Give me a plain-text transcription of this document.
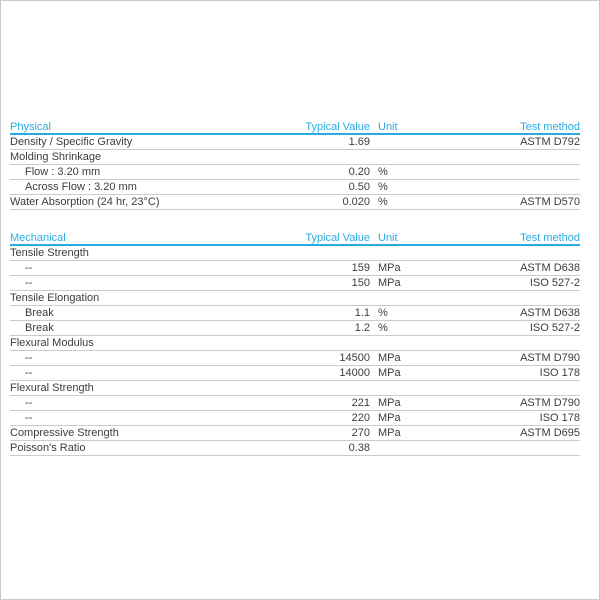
Physical	Typical Value Unit	Test method
Density / Specific Gravity	1.69	ASTM D792
Molding Shrinkage
Flow : 3.20 mm	0.20 %
Across Flow : 3.20 mm	0.50 %
Water Absorption (24 hr, 23°C)	0.020 %	ASTM D570
Mechanical	Typical Value Unit	Test method
Tensile Strength
--	159 MPa	ASTM D638
--	150 MPa	ISO 527-2
Tensile Elongation
Break	1.1 %	ASTM D638
Break	1.2 %	ISO 527-2
Flexural Modulus
--	14500 MPa	ASTM D790
--	14000 MPa	ISO 178
Flexural Strength
--	221 MPa	ASTM D790
--	220 MPa	ISO 178
Compressive Strength	270 MPa	ASTM D695
Poisson's Ratio	0.38
